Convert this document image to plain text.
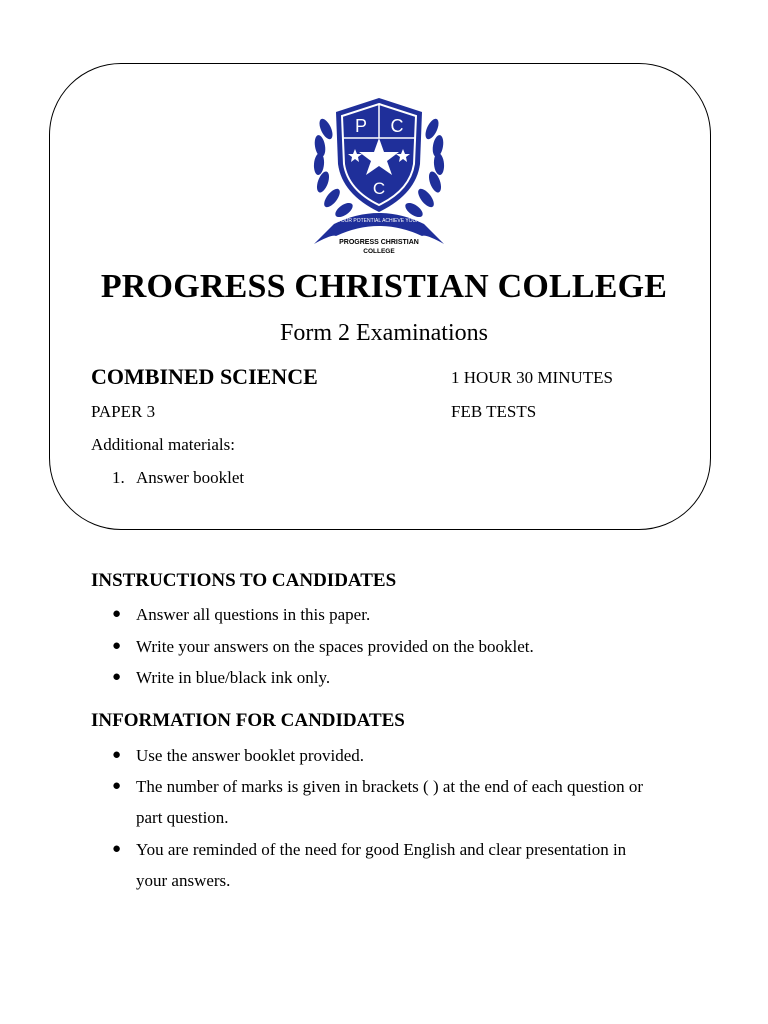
P C
C
UNLOCK YOUR POTENTIAL ACHIEVE YOUR DREAMS
PROGRESS CHRISTIAN
COLLEGE
PROGRESS CHRISTIAN COLLEGE
Form 2 Examinations
COMBINED SCIENCE	1 HOUR 30 MINUTES
PAPER 3	FEB TESTS
Additional materials:
1. Answer booklet
INSTRUCTIONS TO CANDIDATES
● Answer all questions in this paper.
● Write your answers on the spaces provided on the booklet.
● Write in blue/black ink only.
INFORMATION FOR CANDIDATES
● Use the answer booklet provided.
● The number of marks is given in brackets ( ) at the end of each question or part question.
● You are reminded of the need for good English and clear presentation in your answers.
